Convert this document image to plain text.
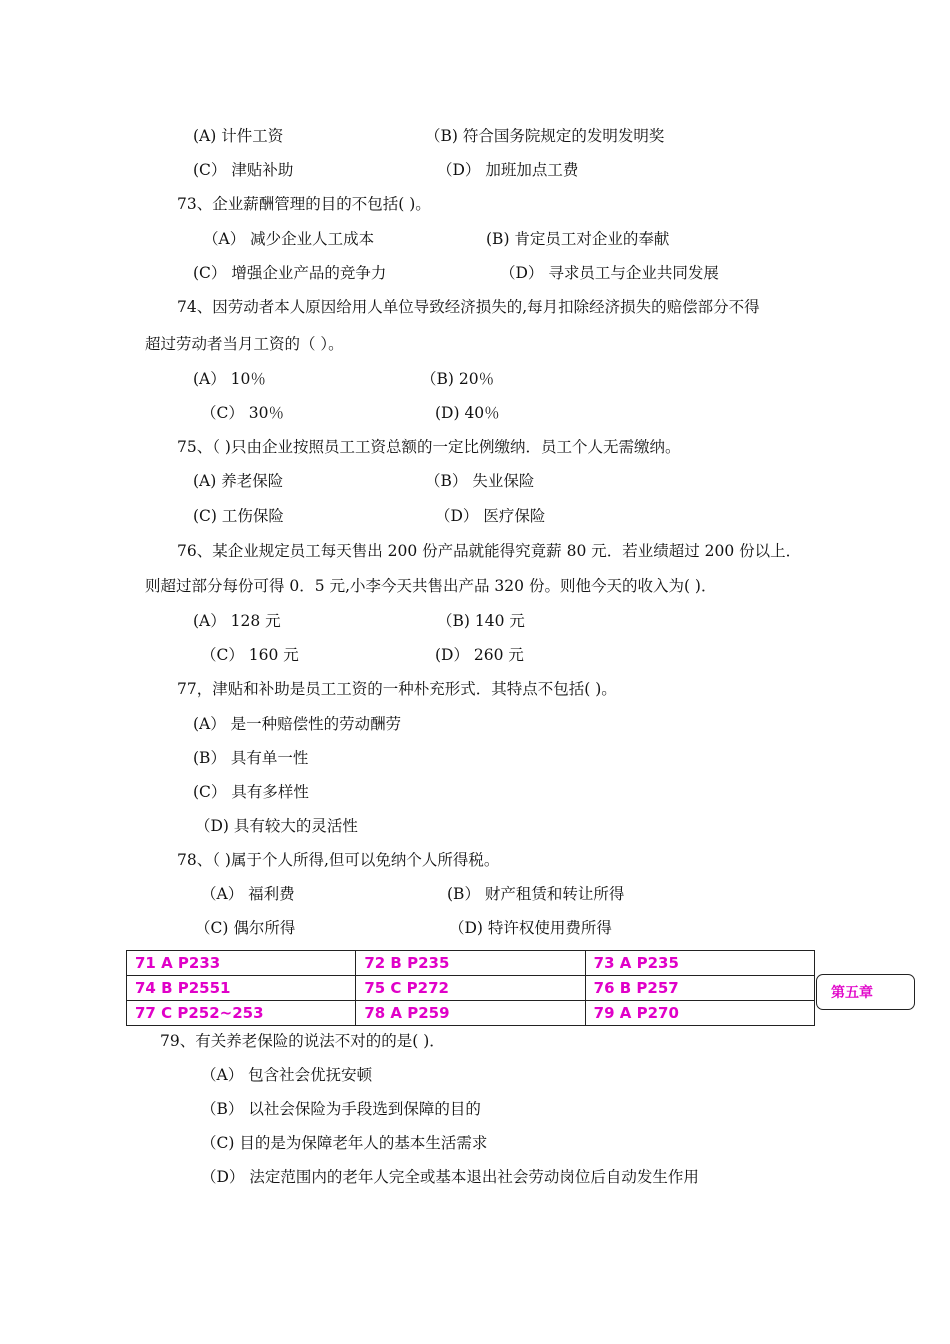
(A) 计件工资	（B) 符合国务院规定的发明发明奖
(C） 津贴补助	（D） 加班加点工费
73、企业薪酬管理的目的不包括( )。
（A） 减少企业人工成本	(B) 肯定员工对企业的奉献
(C） 增强企业产品的竞争力	（D） 寻求员工与企业共同发展
74、因劳动者本人原因给用人单位导致经济损失的,每月扣除经济损失的赔偿部分不得
超过劳动者当月工资的（ ）。
(A） 10％	（B) 20％
（C） 30％	(D) 40％
75、（ )只由企业按照员工工资总额的一定比例缴纳．员工个人无需缴纳。
(A) 养老保险	（B） 失业保险
(C) 工伤保险	（D） 医疗保险
76、某企业规定员工每天售出 200 份产品就能得究竟薪 80 元．若业绩超过 200 份以上．
则超过部分每份可得 0．5 元,小李今天共售出产品 320 份。则他今天的收入为( )．
(A） 128 元	（B) 140 元
（C） 160 元	(D） 260 元
77，津贴和补助是员工工资的一种朴充形式．其特点不包括( )。
(A） 是一种赔偿性的劳动酬劳
(B） 具有单一性
(C） 具有多样性
（D) 具有较大的灵活性
78、（ )属于个人所得,但可以免纳个人所得税。
（A） 福利费	(B） 财产租赁和转让所得
（C) 偶尔所得	（D) 特许权使用费所得
71 A P233	72 B P235	73 A P235
74 B P2551	75 C P272	76 B P257
77 C P252~253	78 A P259	79 A P270
第五章
79、有关养老保险的说法不对的的是( )．
（A） 包含社会优抚安顿
（B） 以社会保险为手段选到保障的目的
（C) 目的是为保障老年人的基本生活需求
（D） 法定范围内的老年人完全或基本退出社会劳动岗位后自动发生作用
